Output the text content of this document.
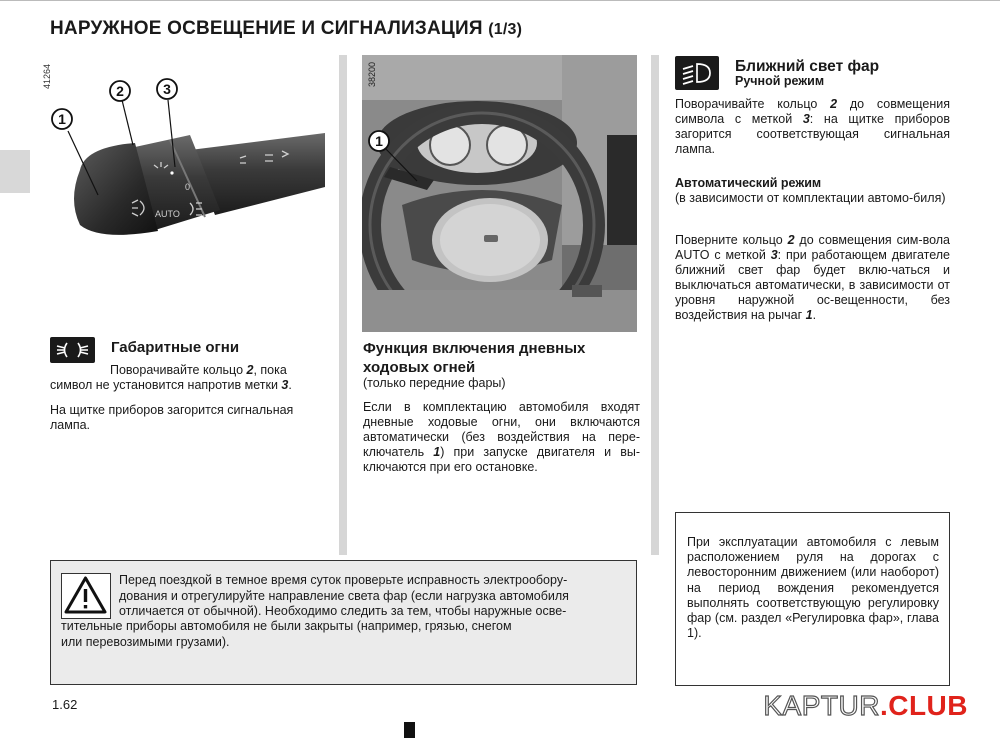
НАРУЖНОЕ ОСВЕЩЕНИЕ И СИГНАЛИЗАЦИЯ (1/3)
AUTO
0
1
2	3
41264
1
38200
Габаритные огни
Поворачивайте кольцо 2, пока
символ не установится напротив метки 3.
На щитке приборов загорится сигнальная лампа.
Функция включения дневных
ходовых огней
(только передние фары)
Если в комплектацию автомобиля входят дневные ходовые огни, они включаются автоматически (без воздействия на пере-ключатель 1) при запуске двигателя и вы-ключаются при его остановке.
Ближний свет фар
Ручной режим
Поворачивайте кольцо 2 до совмещения символа с меткой 3: на щитке приборов загорится соответствующая сигнальная лампа.
Автоматический режим
(в зависимости от комплектации автомо-биля)
Поверните кольцо 2 до совмещения сим-вола AUTO с меткой 3: при работающем двигателе ближний свет фар будет вклю-чаться и выключаться автоматически, в зависимости от уровня наружной ос-вещенности, без воздействия на рычаг 1.
Перед поездкой в темное время суток проверьте исправность электрообору-
дования и отрегулируйте направление света фар (если нагрузка автомобиля
отличается от обычной). Необходимо следить за тем, чтобы наружные осве-
тительные приборы автомобиля не были закрыты (например, грязью, снегом
или перевозимыми грузами).
При эксплуатации автомобиля с левым расположением руля на дорогах с левосторонним движением (или наоборот) на период вождения рекомендуется выполнять соответствующую регулировку фар (см. раздел «Регулировка фар», глава 1).
1.62	KAPTUR.CLUB
